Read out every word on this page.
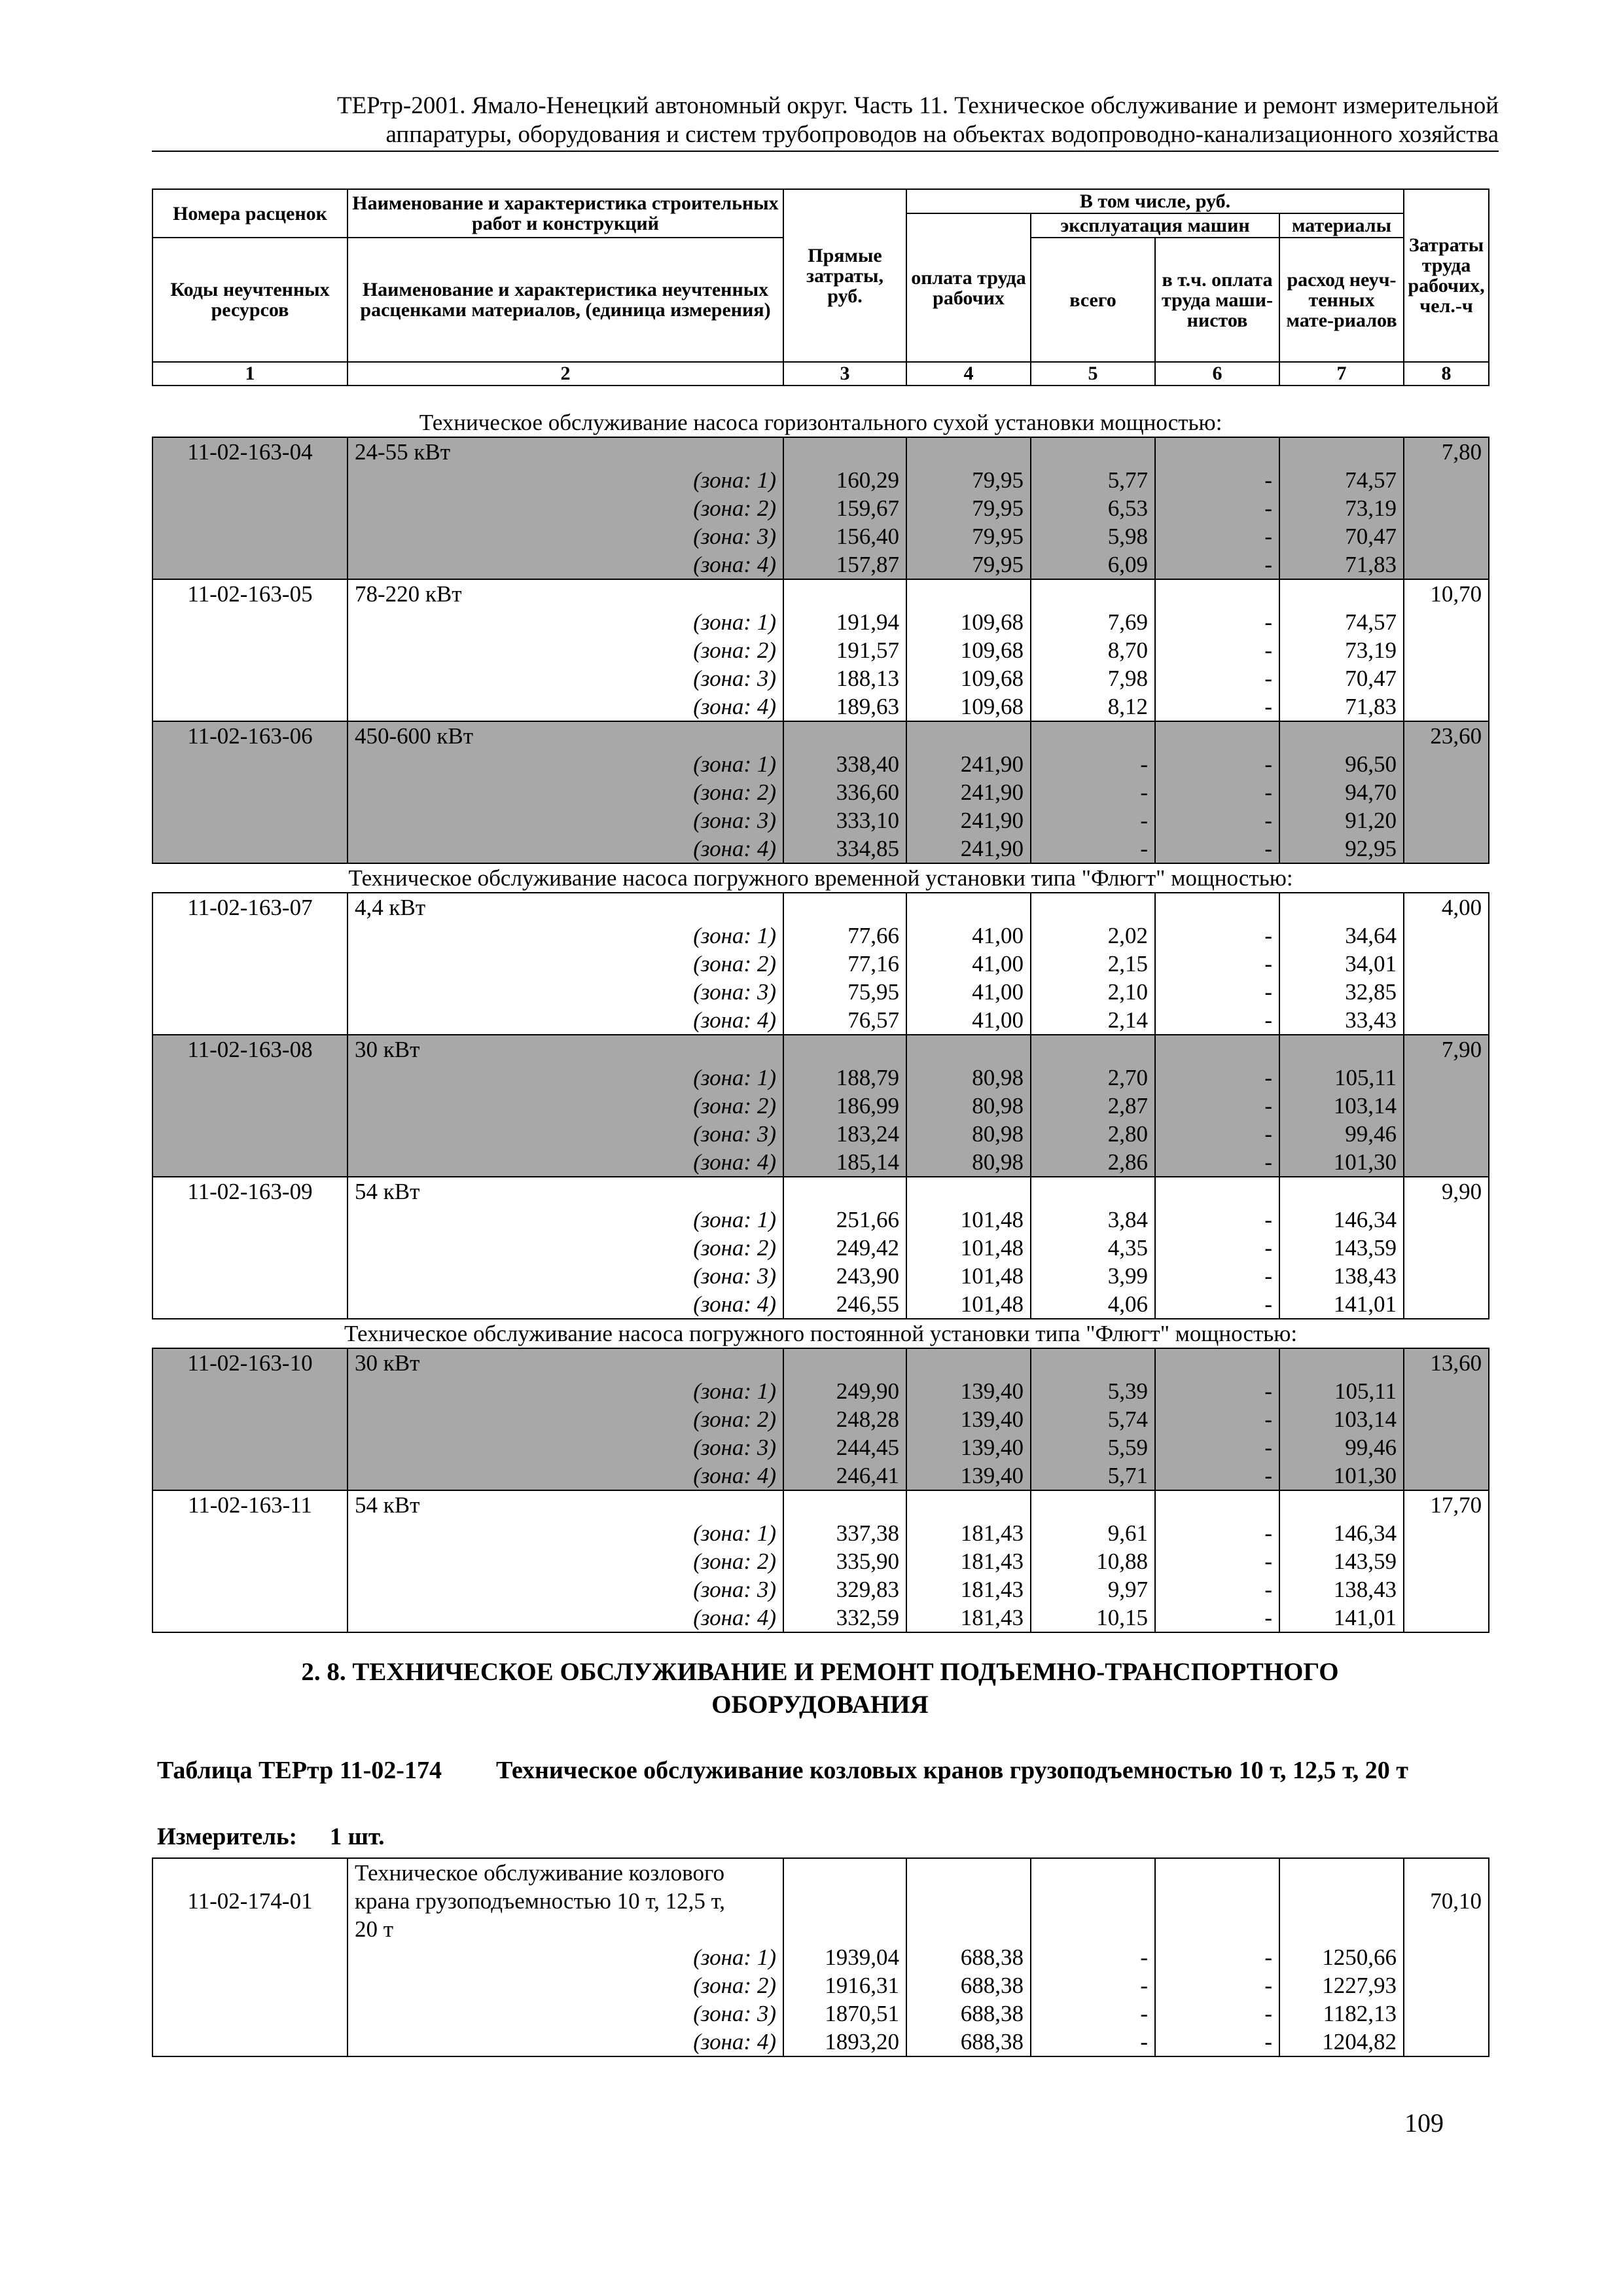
ТЕРтр-2001. Ямало-Ненецкий автономный округ. Часть 11. Техническое обслуживание и ремонт измерительной
аппаратуры, оборудования и систем трубопроводов на объектах водопроводно-канализационного хозяйства
Номера расценок	Наименование и характеристика строительных работ и конструкций	Прямые затраты, руб.	В том числе, руб.				Затраты труда рабочих, чел.-ч
			оплата труда рабочих	эксплуатация машин		материалы	
Коды неучтенных ресурсов	Наименование и характеристика неучтенных расценками материалов, (единица измерения)			всего	в т.ч. оплата труда маши-нистов	расход неуч-тенных мате-риалов	
1	2	3	4	5	6	7	8
Техническое обслуживание насоса горизонтального сухой установки мощностью:							
11-02-163-04	24-55 кВт						7,80
	(зона: 1)	160,29	79,95	5,77	-	74,57	
	(зона: 2)	159,67	79,95	6,53	-	73,19	
	(зона: 3)	156,40	79,95	5,98	-	70,47	
	(зона: 4)	157,87	79,95	6,09	-	71,83	
11-02-163-05	78-220 кВт						10,70
	(зона: 1)	191,94	109,68	7,69	-	74,57	
	(зона: 2)	191,57	109,68	8,70	-	73,19	
	(зона: 3)	188,13	109,68	7,98	-	70,47	
	(зона: 4)	189,63	109,68	8,12	-	71,83	
11-02-163-06	450-600 кВт						23,60
	(зона: 1)	338,40	241,90	-	-	96,50	
	(зона: 2)	336,60	241,90	-	-	94,70	
	(зона: 3)	333,10	241,90	-	-	91,20	
	(зона: 4)	334,85	241,90	-	-	92,95	
Техническое обслуживание насоса погружного временной установки типа "Флюгт" мощностью:							
11-02-163-07	4,4 кВт						4,00
	(зона: 1)	77,66	41,00	2,02	-	34,64	
	(зона: 2)	77,16	41,00	2,15	-	34,01	
	(зона: 3)	75,95	41,00	2,10	-	32,85	
	(зона: 4)	76,57	41,00	2,14	-	33,43	
11-02-163-08	30 кВт						7,90
	(зона: 1)	188,79	80,98	2,70	-	105,11	
	(зона: 2)	186,99	80,98	2,87	-	103,14	
	(зона: 3)	183,24	80,98	2,80	-	99,46	
	(зона: 4)	185,14	80,98	2,86	-	101,30	
11-02-163-09	54 кВт						9,90
	(зона: 1)	251,66	101,48	3,84	-	146,34	
	(зона: 2)	249,42	101,48	4,35	-	143,59	
	(зона: 3)	243,90	101,48	3,99	-	138,43	
	(зона: 4)	246,55	101,48	4,06	-	141,01	
Техническое обслуживание насоса погружного постоянной установки типа "Флюгт" мощностью:							
11-02-163-10	30 кВт						13,60
	(зона: 1)	249,90	139,40	5,39	-	105,11	
	(зона: 2)	248,28	139,40	5,74	-	103,14	
	(зона: 3)	244,45	139,40	5,59	-	99,46	
	(зона: 4)	246,41	139,40	5,71	-	101,30	
11-02-163-11	54 кВт						17,70
	(зона: 1)	337,38	181,43	9,61	-	146,34	
	(зона: 2)	335,90	181,43	10,88	-	143,59	
	(зона: 3)	329,83	181,43	9,97	-	138,43	
	(зона: 4)	332,59	181,43	10,15	-	141,01	
2. 8. ТЕХНИЧЕСКОЕ ОБСЛУЖИВАНИЕ И РЕМОНТ ПОДЪЕМНО-ТРАНСПОРТНОГО
ОБОРУДОВАНИЯ
Таблица ТЕРтр 11-02-174 Техническое обслуживание козловых кранов грузоподъемностью 10 т, 12,5 т, 20 т
Измеритель: 1 шт.
11-02-174-01	Техническое обслуживание козлового
крана грузоподъемностью 10 т, 12,5 т,
20 т						70,10
	(зона: 1)	1939,04	688,38	-	-	1250,66	
	(зона: 2)	1916,31	688,38	-	-	1227,93	
	(зона: 3)	1870,51	688,38	-	-	1182,13	
	(зона: 4)	1893,20	688,38	-	-	1204,82	
109
